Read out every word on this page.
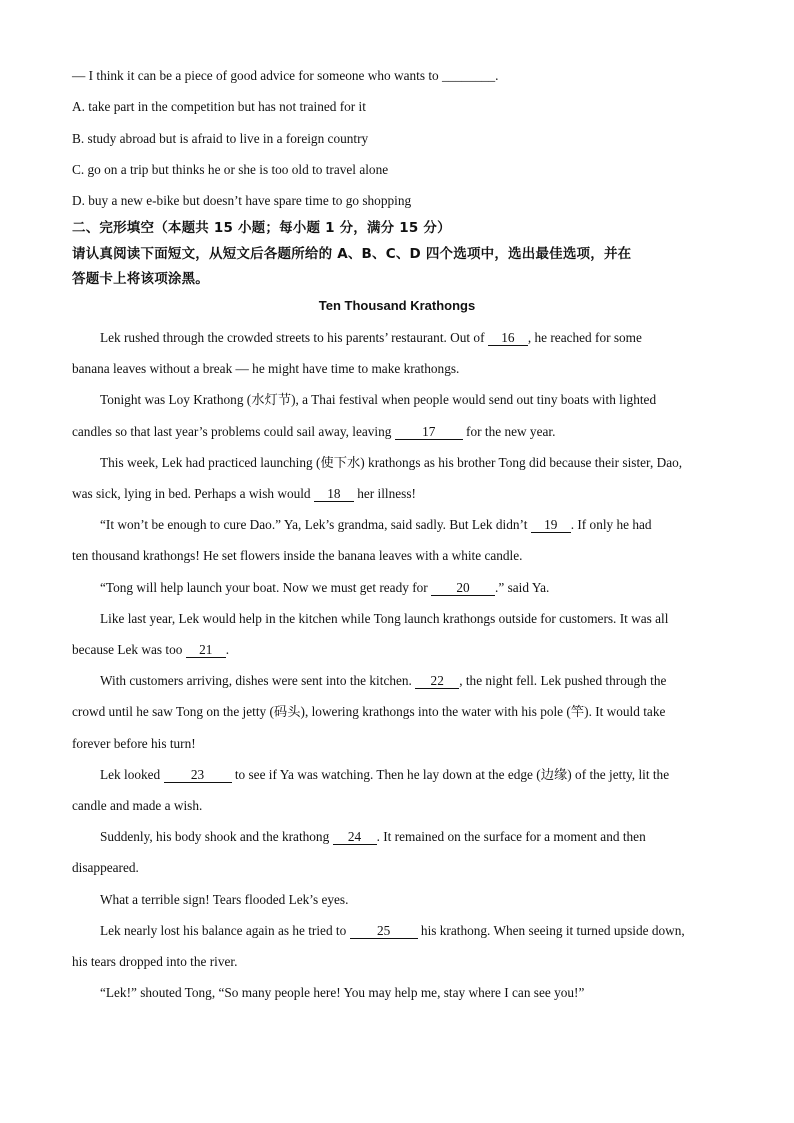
— I think it can be a piece of good advice for someone who wants to ________.
A. take part in the competition but has not trained for it
B. study abroad but is afraid to live in a foreign country
C. go on a trip but thinks he or she is too old to travel alone
D. buy a new e-bike but doesn’t have spare time to go shopping
二、完形填空（本题共 15 小题；每小题 1 分，满分 15 分）
请认真阅读下面短文，从短文后各题所给的 A、B、C、D 四个选项中，选出最佳选项，并在
答题卡上将该项涂黑。
Ten Thousand Krathongs
Lek rushed through the crowded streets to his parents’ restaurant. Out of 16 , he reached for some
banana leaves without a break — he might have time to make krathongs.
Tonight was Loy Krathong (水灯节), a Thai festival when people would send out tiny boats with lighted
candles so that last year’s problems could sail away, leaving 17 for the new year.
This week, Lek had practiced launching (使下水) krathongs as his brother Tong did because their sister, Dao,
was sick, lying in bed. Perhaps a wish would 18 her illness!
“It won’t be enough to cure Dao.” Ya, Lek’s grandma, said sadly. But Lek didn’t 19 . If only he had
ten thousand krathongs! He set flowers inside the banana leaves with a white candle.
“Tong will help launch your boat. Now we must get ready for 20 .” said Ya.
Like last year, Lek would help in the kitchen while Tong launch krathongs outside for customers. It was all
because Lek was too 21 .
With customers arriving, dishes were sent into the kitchen. 22 , the night fell. Lek pushed through the
crowd until he saw Tong on the jetty (码头), lowering krathongs into the water with his pole (竿). It would take
forever before his turn!
Lek looked 23 to see if Ya was watching. Then he lay down at the edge (边缘) of the jetty, lit the
candle and made a wish.
Suddenly, his body shook and the krathong 24 . It remained on the surface for a moment and then
disappeared.
What a terrible sign! Tears flooded Lek’s eyes.
Lek nearly lost his balance again as he tried to 25 his krathong. When seeing it turned upside down,
his tears dropped into the river.
“Lek!” shouted Tong, “So many people here! You may help me, stay where I can see you!”
